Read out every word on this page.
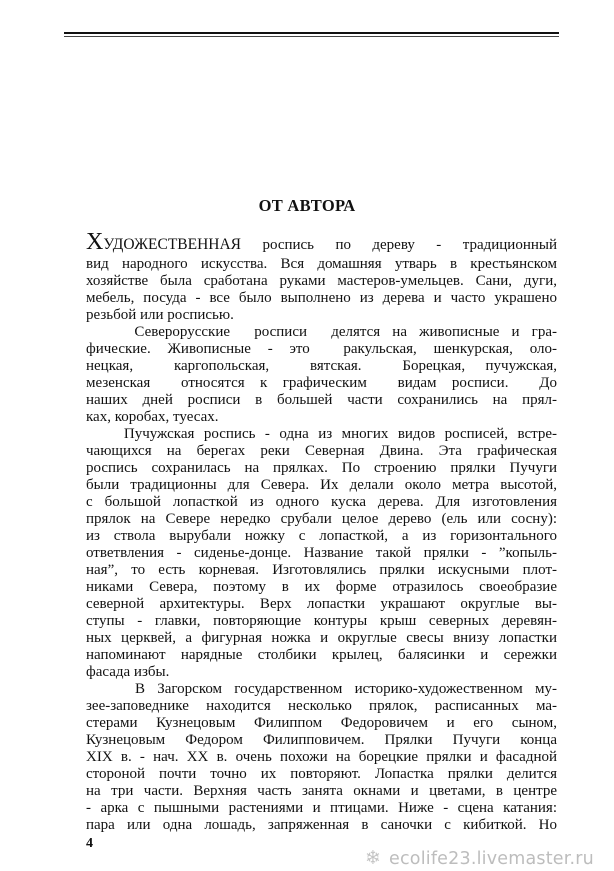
ОТ АВТОРА
ХУДОЖЕСТВЕННАЯ роспись по дереву - традиционный
вид народного искусства. Вся домашняя утварь в крестьянском
хозяйстве была сработана руками мастеров-умельцев. Сани, дуги,
мебель, посуда - все было выполнено из дерева и часто украшено
резьбой или росписью.
Северорусские  росписи  делятся на живописные и гра-
фические. Живописные - это  ракульская, шенкурская, оло-
нецкая,  каргопольская,  вятская.  Борецкая, пучужская,
мезенская  относятся к графическим  видам росписи.  До
наших дней росписи в большей части сохранились на прял-
ках, коробах, туесах.
Пучужская роспись - одна из многих видов росписей, встре-
чающихся на берегах реки Северная Двина. Эта графическая
роспись сохранилась на прялках. По строению прялки Пучуги
были традиционны для Севера. Их делали около метра высотой,
с большой лопасткой из одного куска дерева. Для изготовления
прялок на Севере нередко срубали целое дерево (ель или сосну):
из ствола вырубали ножку с лопасткой, а из горизонтального
ответвления - сиденье-донце. Название такой прялки - ”копыль-
ная”, то есть корневая. Изготовлялись прялки искусными плот-
никами Севера, поэтому в их форме отразилось своеобразие
северной архитектуры. Верх лопастки украшают округлые вы-
ступы - главки, повторяющие контуры крыш северных деревян-
ных церквей, а фигурная ножка и округлые свесы внизу лопастки
напоминают нарядные столбики крылец, балясинки и сережки
фасада избы.
В Загорском государственном историко-художественном му-
зее-заповеднике находится несколько прялок, расписанных ма-
стерами Кузнецовым Филиппом Федоровичем и его сыном,
Кузнецовым Федором Филипповичем. Прялки Пучуги конца
XIX в. - нач. XX в. очень похожи на борецкие прялки и фасадной
стороной почти точно их повторяют. Лопастка прялки делится
на три части. Верхняя часть занята окнами и цветами, в центре
- арка с пышными растениями и птицами. Ниже - сцена катания:
пара или одна лошадь, запряженная в саночки с кибиткой. Но
4
❄ ecolife23.livemaster.ru
